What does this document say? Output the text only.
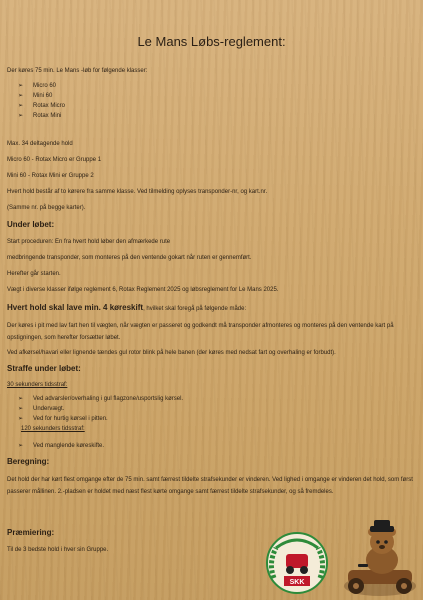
Le Mans Løbs-reglement:
Der køres 75 min. Le Mans -løb for følgende klasser:
➢ Micro 60
➢ Mini 60
➢ Rotax Micro
➢ Rotax Mini
Max. 34 deltagende hold
Micro 60 - Rotax Micro er Gruppe 1
Mini 60 - Rotax Mini er Gruppe 2
Hvert hold består af to kørere fra samme klasse. Ved tilmelding oplyses transponder-nr, og kart.nr.
(Samme nr. på begge karter).
Under løbet:
Start proceduren: En fra hvert hold løber den afmærkede rute
medbringende transponder, som monteres på den ventende gokart når ruten er gennemført.
Herefter går starten.
Vægt i diverse klasser ifølge reglement 6, Rotax Reglement 2025 og løbsreglement for Le Mans 2025.
Hvert hold skal lave min. 4 køreskift, hvilket skal foregå på følgende måde:
Der køres i pit med lav fart hen til vægten, når vægten er passeret og godkendt må transponder afmonteres og monteres på den ventende kart på opstigningen, som herefter forsætter løbet.
Ved afkørsel/havari eller lignende tændes gul rotor blink på hele banen (der køres med nedsat fart og overhaling er forbudt).
Straffe under løbet:
30 sekunders tidsstraf:
➢ Ved advarsler/overhaling i gul flagzone/usportslig kørsel.
➢ Undervægt.
➢ Ved for hurtig kørsel i pitten.
120 sekunders tidsstraf:
➢ Ved manglende køreskifte.
Beregning:
Det hold der har kørt flest omgange efter de 75 min. samt færrest tildelte strafsekunder er vinderen. Ved lighed i omgange er vinderen det hold, som først passerer mållinen. 2.-pladsen er holdet med næst flest kørte omgange samt færrest tildelte strafsekunder, og så fremdeles.
Præmiering:
Til de 3 bedste hold i hver sin Gruppe.
SKK
